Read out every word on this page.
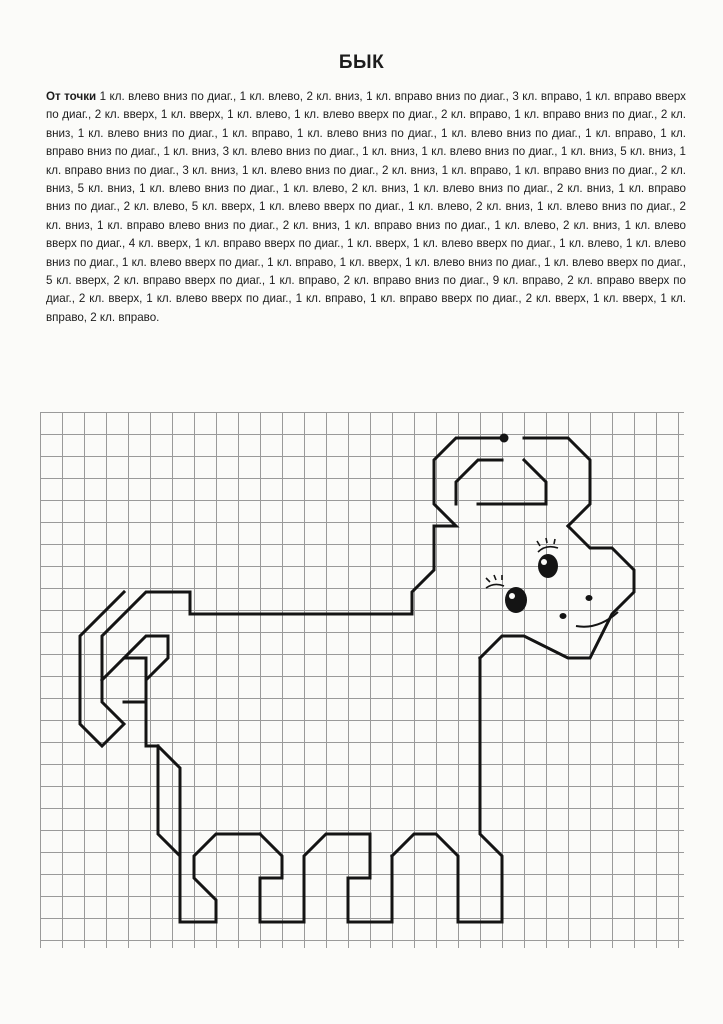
БЫК
От точки 1 кл. влево вниз по диаг., 1 кл. влево, 2 кл. вниз, 1 кл. вправо вниз по диаг., 3 кл. вправо, 1 кл. вправо вверх по диаг., 2 кл. вверх, 1 кл. вверх, 1 кл. влево, 1 кл. влево вверх по диаг., 2 кл. вправо, 1 кл. вправо вниз по диаг., 2 кл. вниз, 1 кл. влево вниз по диаг., 1 кл. вправо, 1 кл. влево вниз по диаг., 1 кл. влево вниз по диаг., 1 кл. вправо, 1 кл. вправо вниз по диаг., 1 кл. вниз, 3 кл. влево вниз по диаг., 1 кл. вниз, 1 кл. влево вниз по диаг., 1 кл. вниз, 5 кл. вниз, 1 кл. вправо вниз по диаг., 3 кл. вниз, 1 кл. влево вниз по диаг., 2 кл. вниз, 1 кл. вправо, 1 кл. вправо вниз по диаг., 2 кл. вниз, 5 кл. вниз, 1 кл. влево вниз по диаг., 1 кл. влево, 2 кл. вниз, 1 кл. влево вниз по диаг., 2 кл. вниз, 1 кл. вправо вниз по диаг., 2 кл. влево, 5 кл. вверх, 1 кл. влево вверх по диаг., 1 кл. влево, 2 кл. вниз, 1 кл. влево вниз по диаг., 2 кл. вниз, 1 кл. вправо влево вниз по диаг., 2 кл. вниз, 1 кл. вправо вниз по диаг., 1 кл. влево, 2 кл. вниз, 1 кл. влево вверх по диаг., 4 кл. вверх, 1 кл. вправо вверх по диаг., 1 кл. вверх, 1 кл. влево вверх по диаг., 1 кл. влево, 1 кл. влево вниз по диаг., 1 кл. влево вверх по диаг., 1 кл. вправо, 1 кл. вверх, 1 кл. влево вниз по диаг., 1 кл. влево вверх по диаг., 5 кл. вверх, 2 кл. вправо вверх по диаг., 1 кл. вправо, 2 кл. вправо вниз по диаг., 9 кл. вправо, 2 кл. вправо вверх по диаг., 2 кл. вверх, 1 кл. влево вверх по диаг., 1 кл. вправо, 1 кл. вправо вверх по диаг., 2 кл. вверх, 1 кл. вверх, 1 кл. вправо, 2 кл. вправо.
